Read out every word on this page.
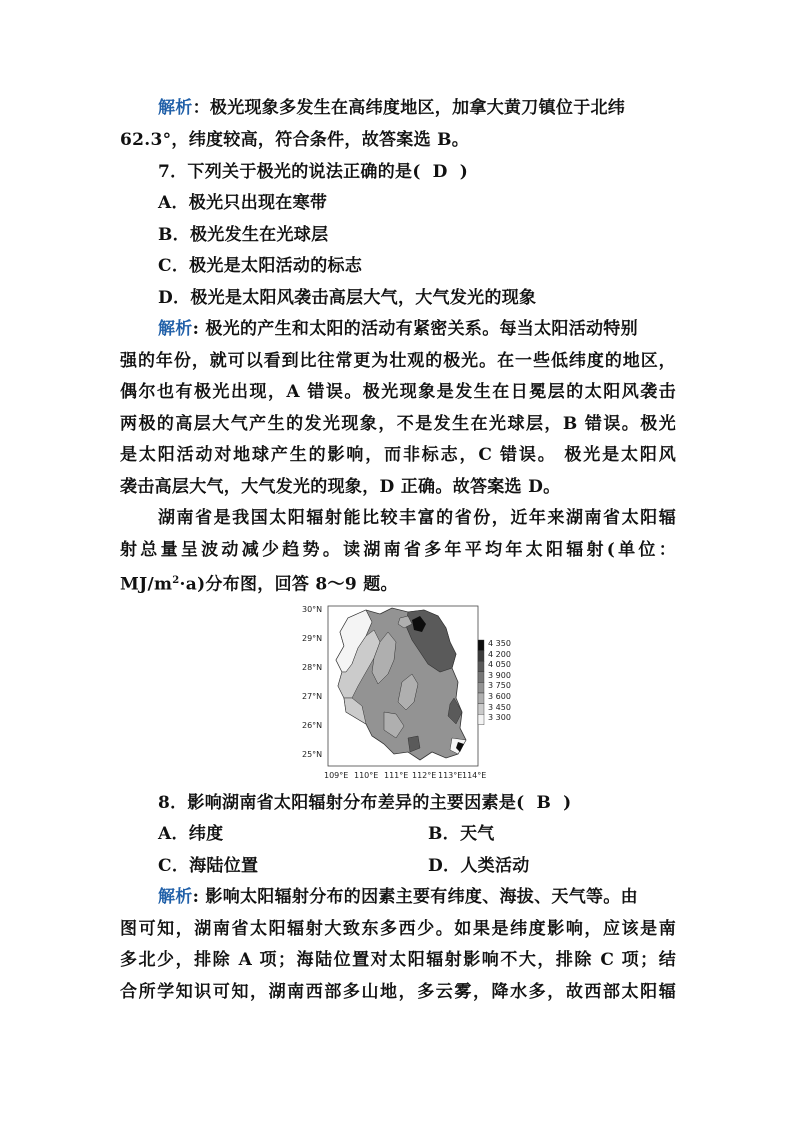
解析：极光现象多发生在高纬度地区，加拿大黄刀镇位于北纬
62.3°，纬度较高，符合条件，故答案选 B。
7．下列关于极光的说法正确的是( D )
A．极光只出现在寒带
B．极光发生在光球层
C．极光是太阳活动的标志
D．极光是太阳风袭击高层大气，大气发光的现象
解析: 极光的产生和太阳的活动有紧密关系。每当太阳活动特别
强的年份，就可以看到比往常更为壮观的极光。在一些低纬度的地区，
偶尔也有极光出现，A 错误。极光现象是发生在日冕层的太阳风袭击
两极的高层大气产生的发光现象，不是发生在光球层，B 错误。极光
是太阳活动对地球产生的影响，而非标志，C 错误。 极光是太阳风
袭击高层大气，大气发光的现象，D 正确。故答案选 D。
湖南省是我国太阳辐射能比较丰富的省份，近年来湖南省太阳辐
射总量呈波动减少趋势。读湖南省多年平均年太阳辐射(单位：
$MJ/m^2\cdot a$)分布图，回答 8～9 题。
30°N
29°N
28°N
27°N
26°N
25°N
109°E 110°E 111°E 112°E 113°E 114°E
8．影响湖南省太阳辐射分布差异的主要因素是( B )
A．纬度	B．天气
C．海陆位置	D．人类活动
解析: 影响太阳辐射分布的因素主要有纬度、海拔、天气等。由
图可知，湖南省太阳辐射大致东多西少。如果是纬度影响，应该是南
多北少，排除 A 项；海陆位置对太阳辐射影响不大，排除 C 项；结
合所学知识可知，湖南西部多山地，多云雾，降水多，故西部太阳辐
4 350
4 200
4 050
3 900
3 750
3 600
3 450
3 300
